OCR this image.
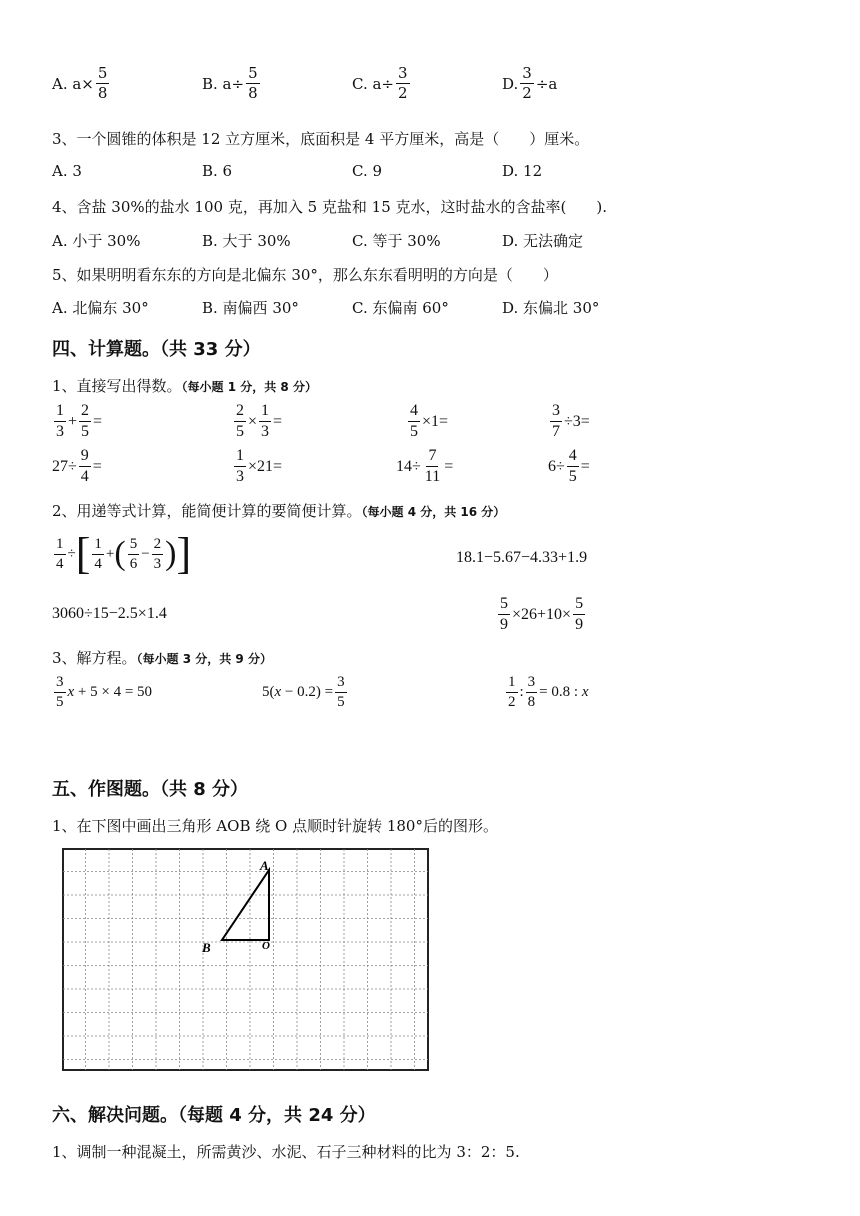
A. $a\times \frac{5}{8}$	B. $a\div \frac{5}{8}$	C. $a\div \frac{3}{2}$	D. $\frac{3}{2} \div a$
3、一个圆锥的体积是 12 立方厘米，底面积是 4 平方厘米，高是（　　）厘米。
A. 3	B. 6	C. 9	D. 12
4、含盐 30%的盐水 100 克，再加入 5 克盐和 15 克水，这时盐水的含盐率(　　).
A. 小于 30%	B. 大于 30%	C. 等于 30%	D. 无法确定
5、如果明明看东东的方向是北偏东 30°，那么东东看明明的方向是（　　）
A. 北偏东 30°	B. 南偏西 30°	C. 东偏南 60°	D. 东偏北 30°
四、计算题。（共 33 分）
1、直接写出得数。（每小题 1 分，共 8 分）
$\frac{1}{3} + \frac{2}{5}$ =	$\frac{2}{5} \times \frac{1}{3}$ =	$\frac{4}{5} \times 1$ =	$\frac{3}{7} \div 3$ =
$27\div \frac{9}{4}$ =	$\frac{1}{3} \times 21$ =	$14\div \frac{7}{11}$ =	$6\div \frac{4}{5}$ =
2、用递等式计算，能简便计算的要简便计算。（每小题 4 分，共 16 分）
$\frac{1}{4}$ ÷ [ $\frac{1}{4}$ + ( $\frac{5}{6} - \frac{2}{3}$ ) ]	18.1−5.67−4.33+1.9
3060÷15−2.5×1.4	$\frac{5}{9} \times 26+10\times \frac{5}{9}$
3、解方程。（每小题 3 分，共 9 分）
$\frac{3}{5}$ x + 5 × 4 = 50	$5(x - 0.2) = \frac{3}{5}$	$\frac{1}{2}$ : $\frac{3}{8} = 0.8$ : x
五、作图题。（共 8 分）
1、在下图中画出三角形 AOB 绕 O 点顺时针旋转 180°后的图形。
A
B	O
六、解决问题。（每题 4 分，共 24 分）
1、调制一种混凝土，所需黄沙、水泥、石子三种材料的比为 3：2：5.
